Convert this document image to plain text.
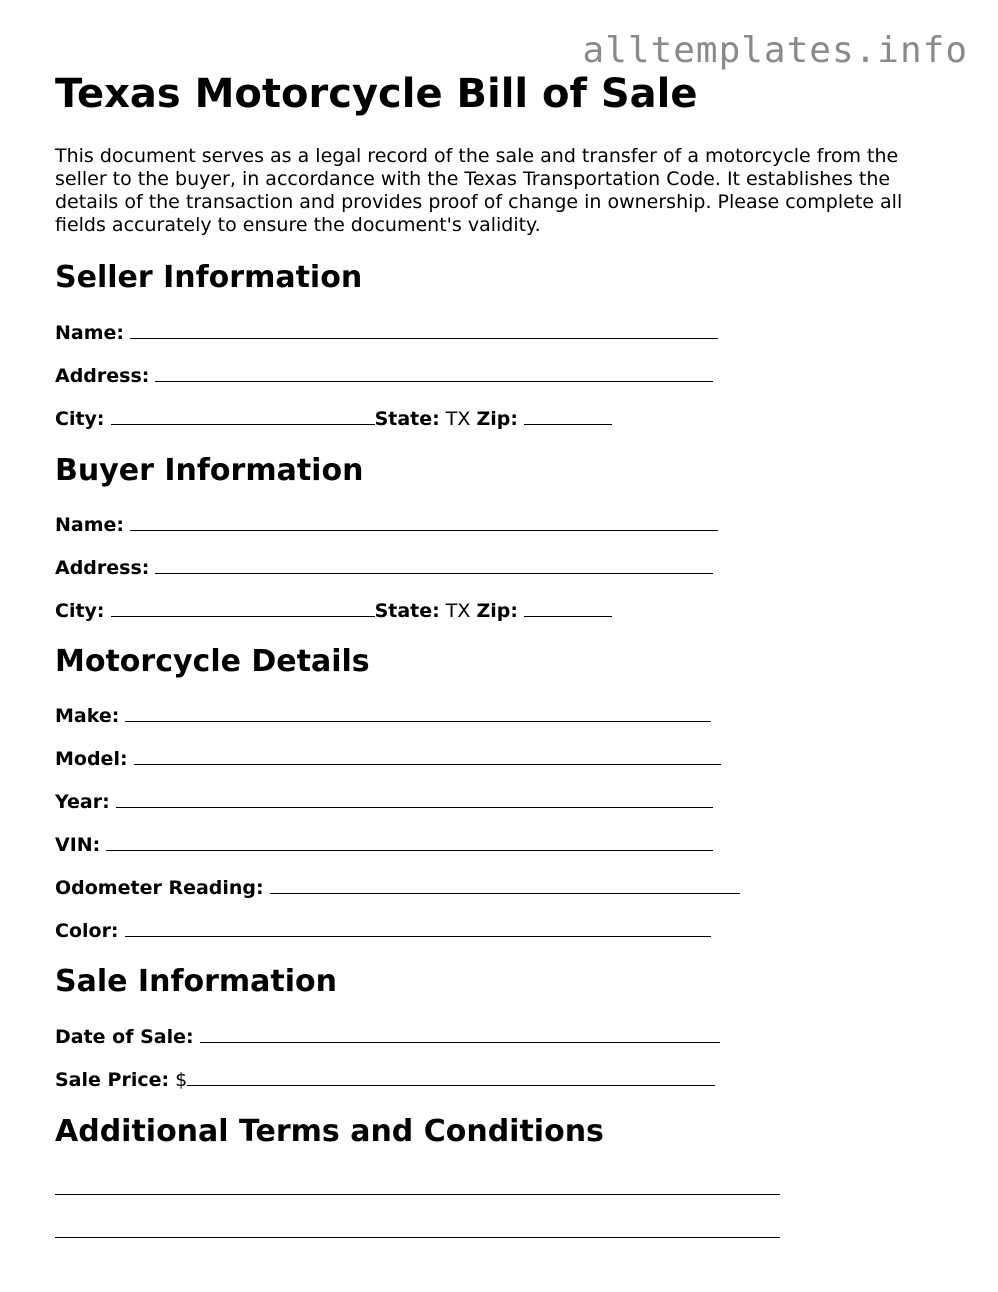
alltemplates.info
Texas Motorcycle Bill of Sale

This document serves as a legal record of the sale and transfer of a motorcycle from the seller to the buyer, in accordance with the Texas Transportation Code. It establishes the details of the transaction and provides proof of change in ownership. Please complete all fields accurately to ensure the document's validity.

Seller Information
Name:
Address:
City:	State: TX Zip:
Buyer Information
Name:
Address:
City:	State: TX Zip:
Motorcycle Details
Make:
Model:
Year:
VIN:
Odometer Reading:
Color:
Sale Information
Date of Sale:
Sale Price: $
Additional Terms and Conditions
